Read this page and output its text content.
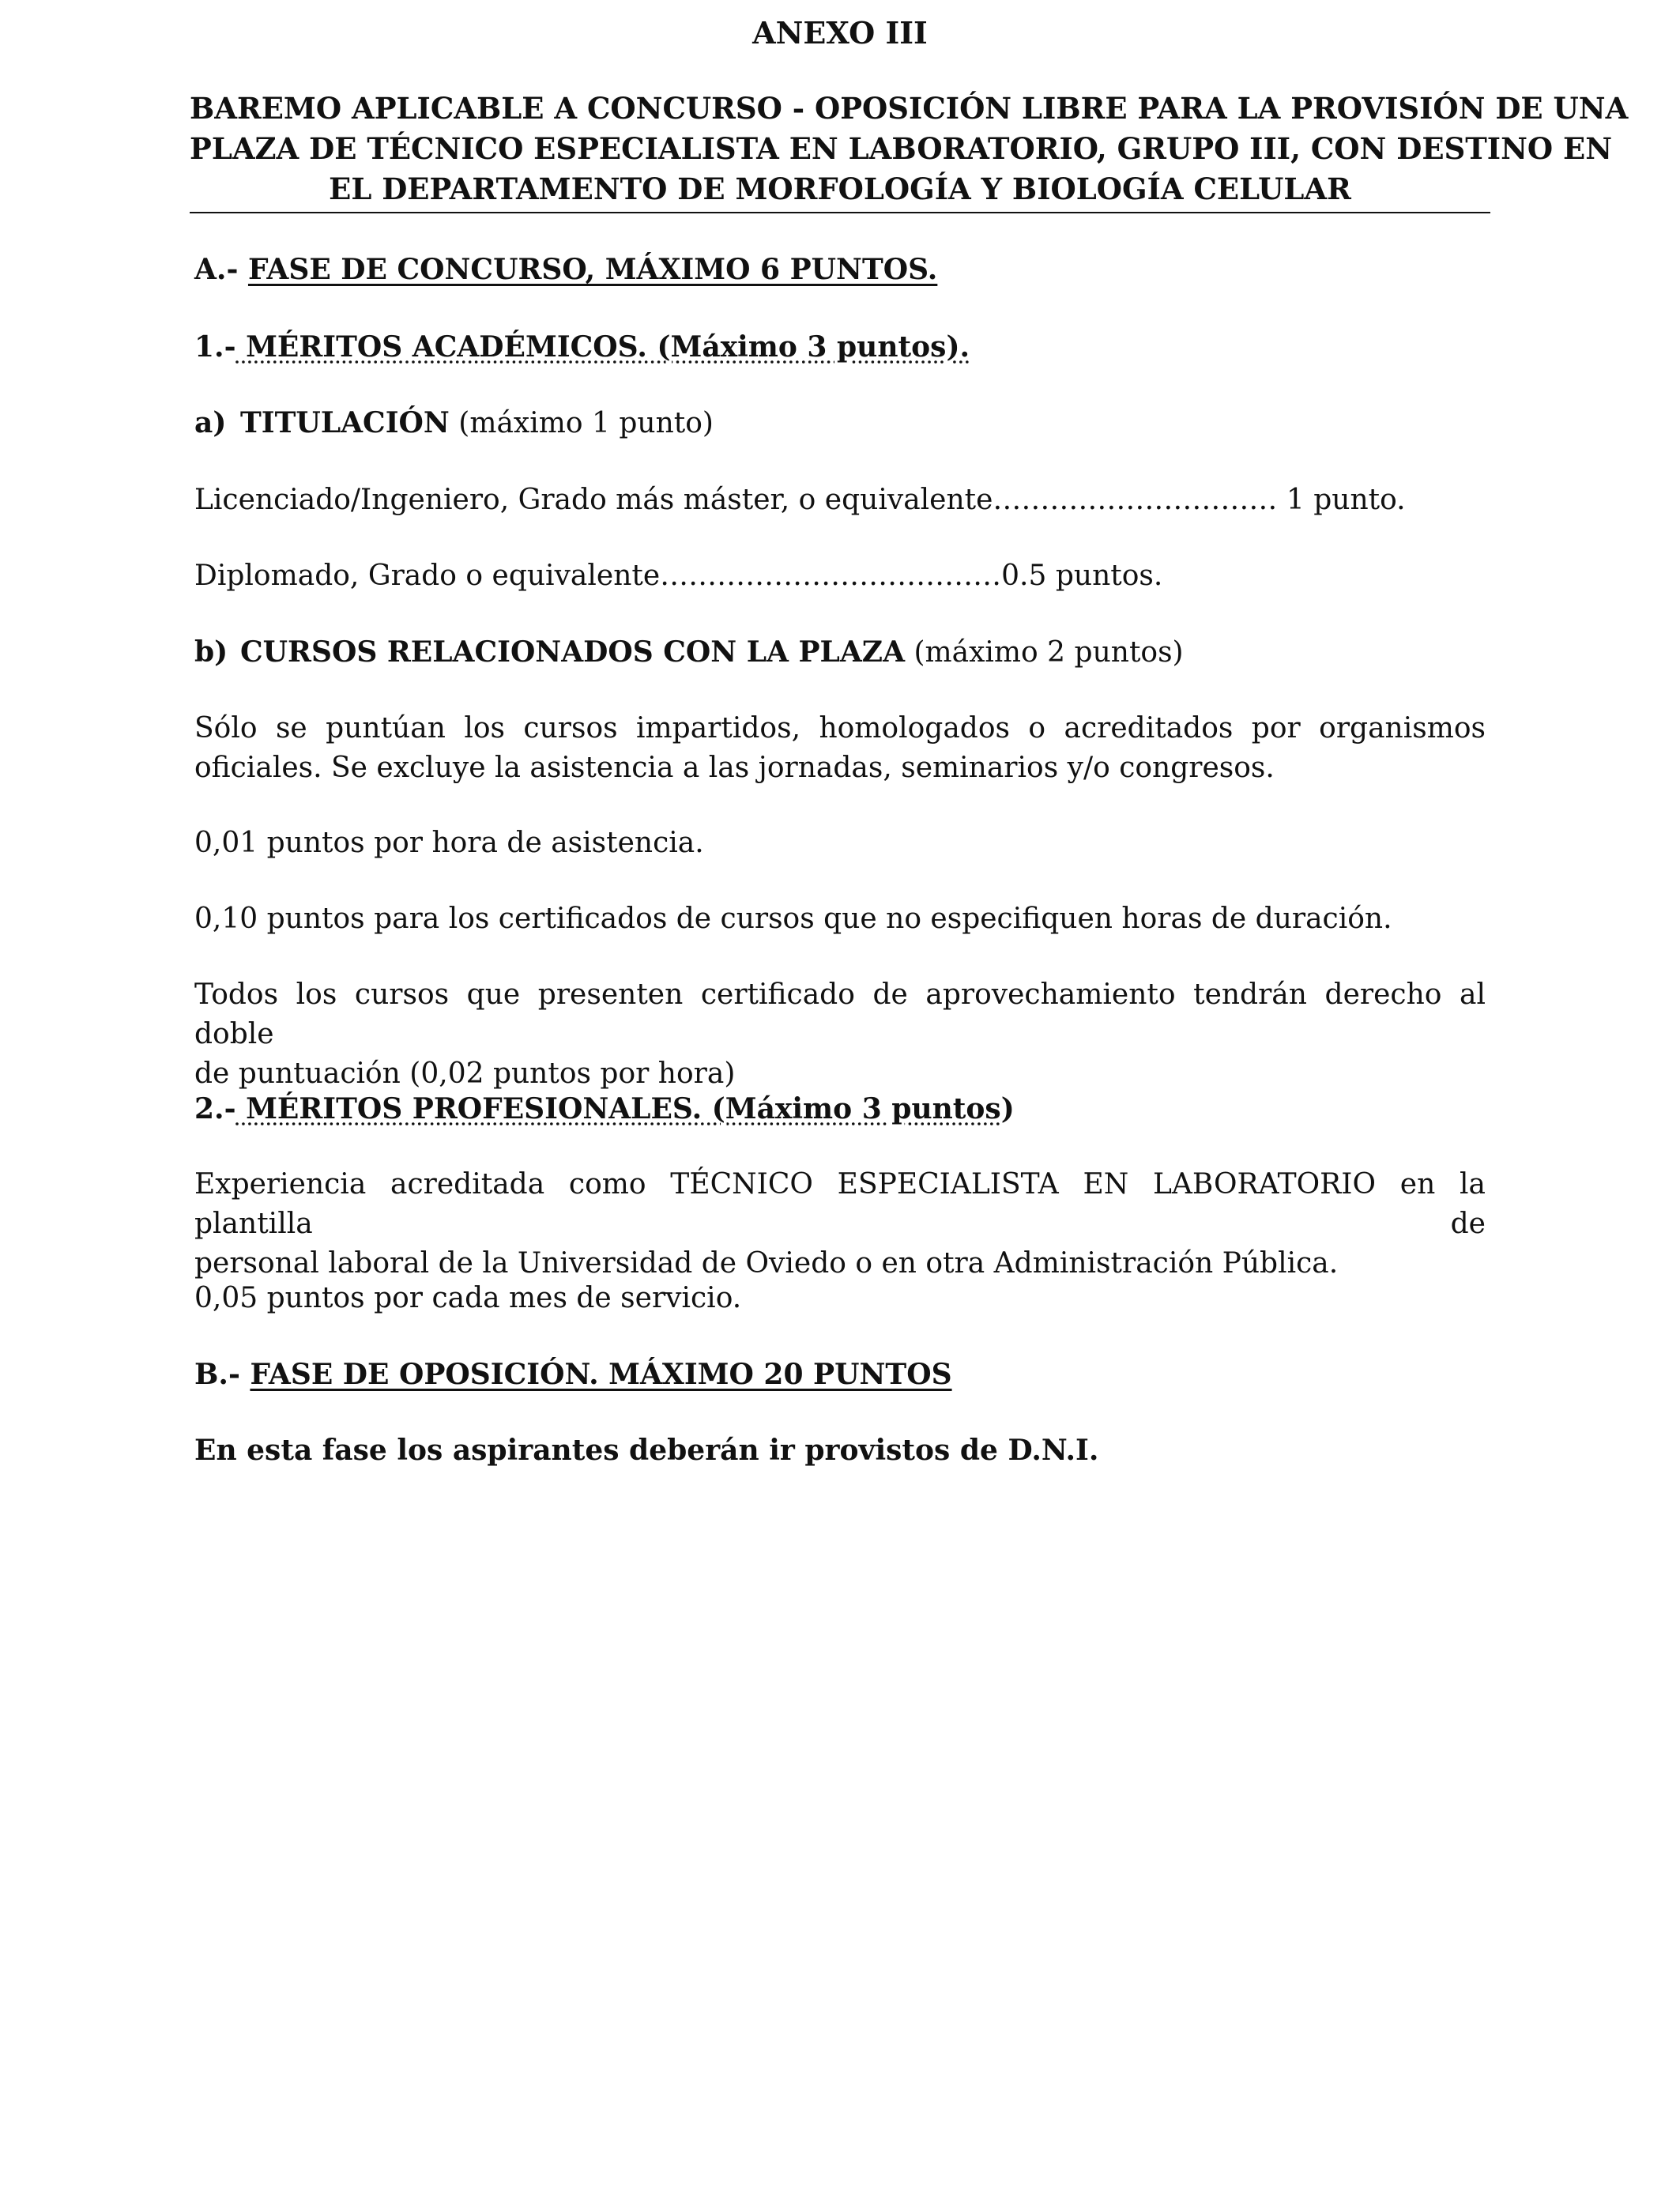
ANEXO III
BAREMO APLICABLE A CONCURSO - OPOSICIÓN LIBRE PARA LA PROVISIÓN DE UNA
PLAZA DE TÉCNICO ESPECIALISTA EN LABORATORIO, GRUPO III, CON DESTINO EN
EL DEPARTAMENTO DE MORFOLOGÍA Y BIOLOGÍA CELULAR
A.- FASE DE CONCURSO, MÁXIMO 6 PUNTOS.
1.- MÉRITOS ACADÉMICOS. (Máximo 3 puntos).
a) TITULACIÓN (máximo 1 punto)
Licenciado/Ingeniero, Grado más máster, o equivalente………………………… 1 punto.
Diplomado, Grado o equivalente………………………………0.5 puntos.
b) CURSOS RELACIONADOS CON LA PLAZA (máximo 2 puntos)
Sólo se puntúan los cursos impartidos, homologados o acreditados por organismos
oficiales. Se excluye la asistencia a las jornadas, seminarios y/o congresos.
0,01 puntos por hora de asistencia.
0,10 puntos para los certificados de cursos que no especifiquen horas de duración.
Todos los cursos que presenten certificado de aprovechamiento tendrán derecho al doble
de puntuación (0,02 puntos por hora)
2.- MÉRITOS PROFESIONALES. (Máximo 3 puntos)
Experiencia acreditada como TÉCNICO ESPECIALISTA EN LABORATORIO en la plantilla de
personal laboral de la Universidad de Oviedo o en otra Administración Pública.
0,05 puntos por cada mes de servicio.
B.- FASE DE OPOSICIÓN. MÁXIMO 20 PUNTOS
En esta fase los aspirantes deberán ir provistos de D.N.I.
